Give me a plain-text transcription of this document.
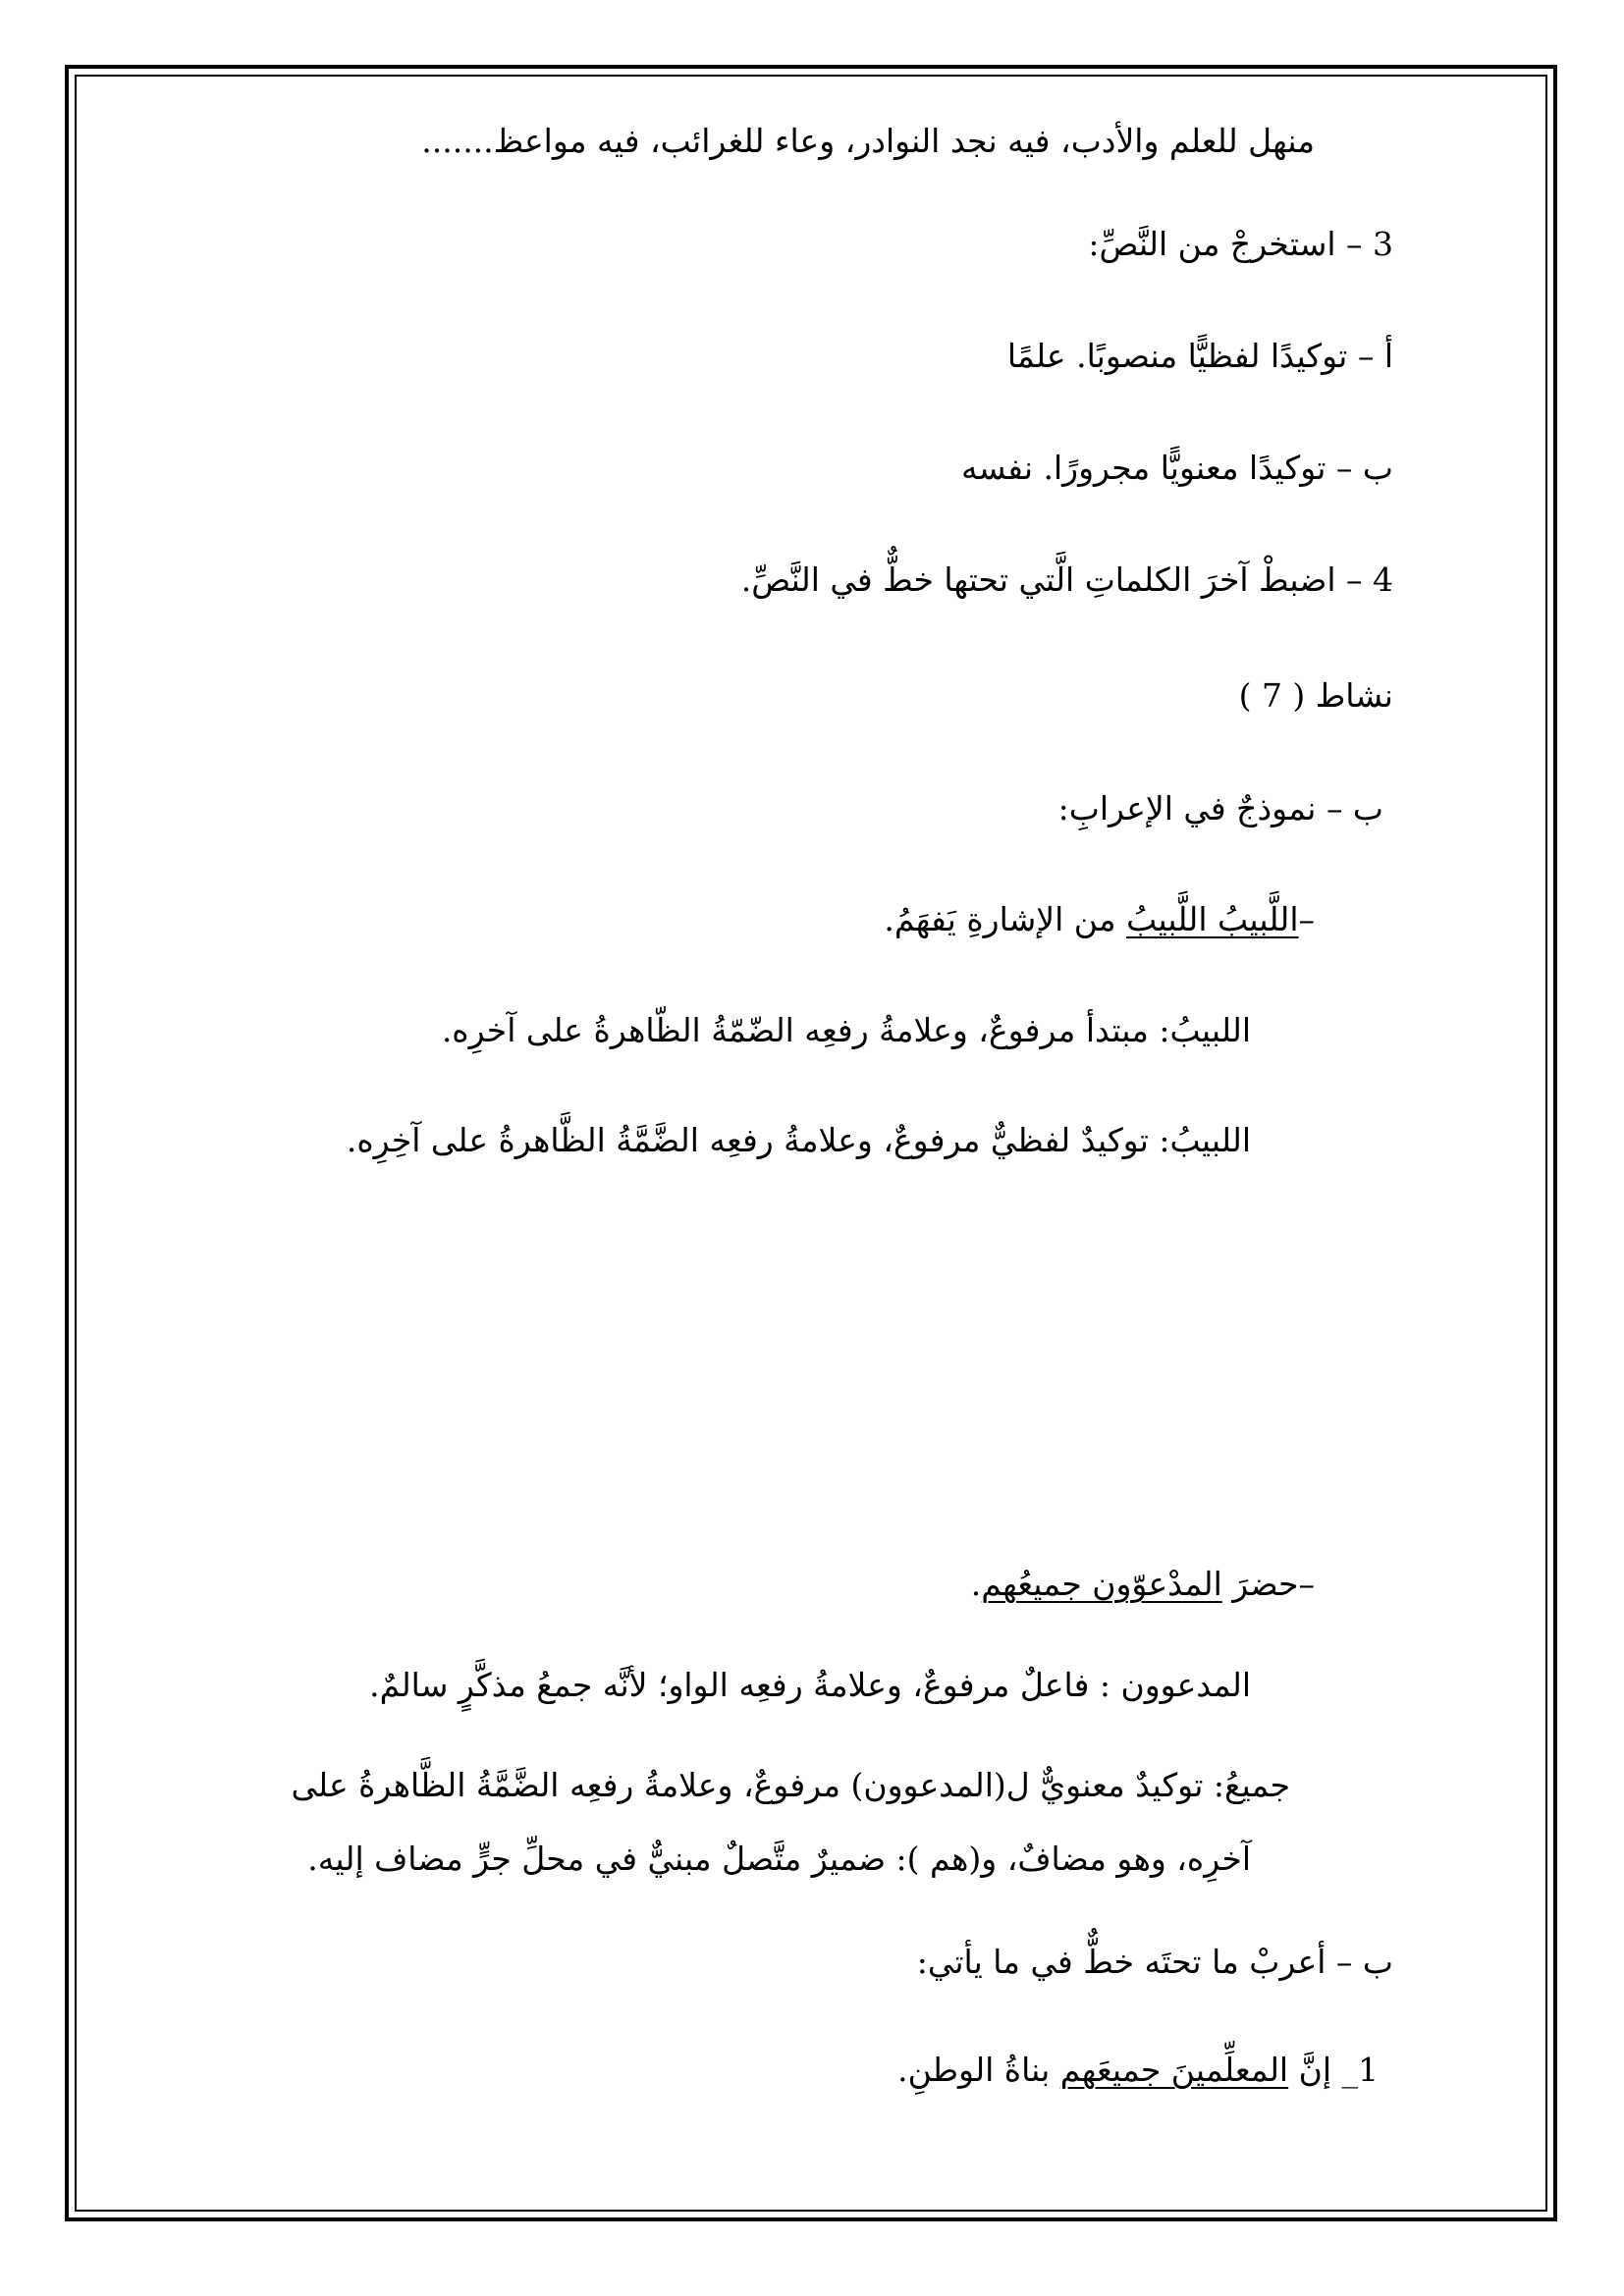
منهل للعلم والأدب، فيه نجد النوادر، وعاء للغرائب، فيه مواعظ.......
3 – استخرجْ من النَّصِّ:
أ – توكيدًا لفظيًّا منصوبًا. علمًا
ب – توكيدًا معنويًّا مجرورًا. نفسه
4 – اضبطْ آخرَ الكلماتِ الَّتي تحتها خطٌّ في النَّصِّ.
نشاط ( 7 )
ب – نموذجٌ في الإعرابِ:
–اللَّبيبُ اللَّبيبُ من الإشارةِ يَفهَمُ.
اللبيبُ: مبتدأ مرفوعٌ، وعلامةُ رفعِه الضّمّةُ الظّاهرةُ على آخرِه.
اللبيبُ: توكيدٌ لفظيٌّ مرفوعٌ، وعلامةُ رفعِه الضَّمَّةُ الظَّاهرةُ على آخِرِه.
–حضرَ المدْعوّون جميعُهم.
المدعوون : فاعلٌ مرفوعٌ، وعلامةُ رفعِه الواو؛ لأنَّه جمعُ مذكَّرٍ سالمٌ.
جميعُ: توكيدٌ معنويٌّ ل(المدعوون) مرفوعٌ، وعلامةُ رفعِه الضَّمَّةُ الظَّاهرةُ على
آخرِه، وهو مضافٌ، و(هم ): ضميرٌ متَّصلٌ مبنيٌّ في محلِّ جرٍّ مضاف إليه.
ب – أعربْ ما تحتَه خطٌّ في ما يأتي:
1_ إنَّ المعلِّمينَ جميعَهم بناةُ الوطنِ.
